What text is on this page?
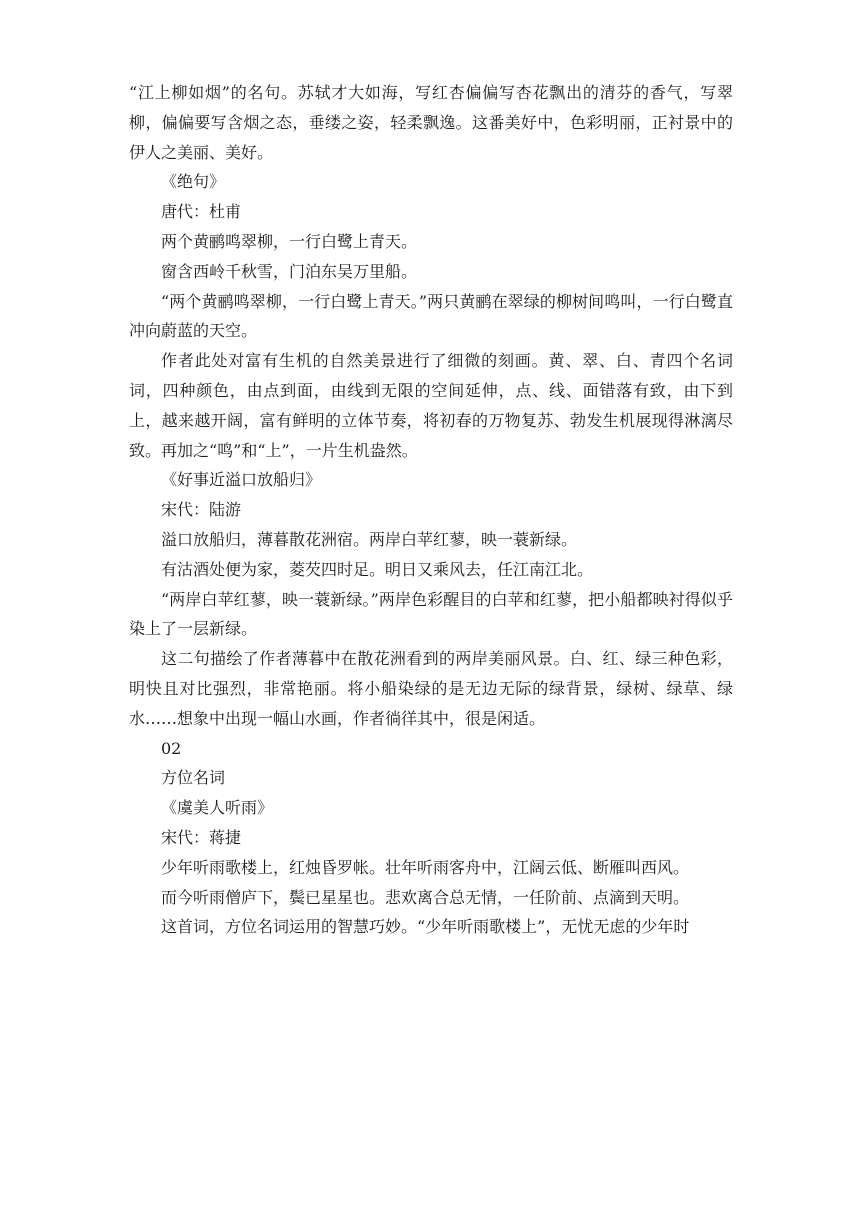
“江上柳如烟”的名句。苏轼才大如海，写红杏偏偏写杏花飘出的清芬的香气，写翠柳，偏偏要写含烟之态，垂缕之姿，轻柔飘逸。这番美好中，色彩明丽，正衬景中的伊人之美丽、美好。

《绝句》

唐代：杜甫

两个黄鹂鸣翠柳，一行白鹭上青天。

窗含西岭千秋雪，门泊东吴万里船。

“两个黄鹂鸣翠柳，一行白鹭上青天。”两只黄鹂在翠绿的柳树间鸣叫，一行白鹭直冲向蔚蓝的天空。

作者此处对富有生机的自然美景进行了细微的刻画。黄、翠、白、青四个名词词，四种颜色，由点到面，由线到无限的空间延伸，点、线、面错落有致，由下到上，越来越开阔，富有鲜明的立体节奏，将初春的万物复苏、勃发生机展现得淋漓尽致。再加之“鸣”和“上”，一片生机盎然。

《好事近溢口放船归》

宋代：陆游

溢口放船归，薄暮散花洲宿。两岸白苹红蓼，映一蓑新绿。

有沽酒处便为家，菱芡四时足。明日又乘风去，任江南江北。

“两岸白苹红蓼，映一蓑新绿。”两岸色彩醒目的白苹和红蓼，把小船都映衬得似乎染上了一层新绿。

这二句描绘了作者薄暮中在散花洲看到的两岸美丽风景。白、红、绿三种色彩，明快且对比强烈，非常艳丽。将小船染绿的是无边无际的绿背景，绿树、绿草、绿水……想象中出现一幅山水画，作者徜徉其中，很是闲适。

02

方位名词

《虞美人听雨》

宋代：蒋捷

少年听雨歌楼上，红烛昏罗帐。壮年听雨客舟中，江阔云低、断雁叫西风。

而今听雨僧庐下，鬓已星星也。悲欢离合总无情，一任阶前、点滴到天明。

这首词，方位名词运用的智慧巧妙。“少年听雨歌楼上”，无忧无虑的少年时
